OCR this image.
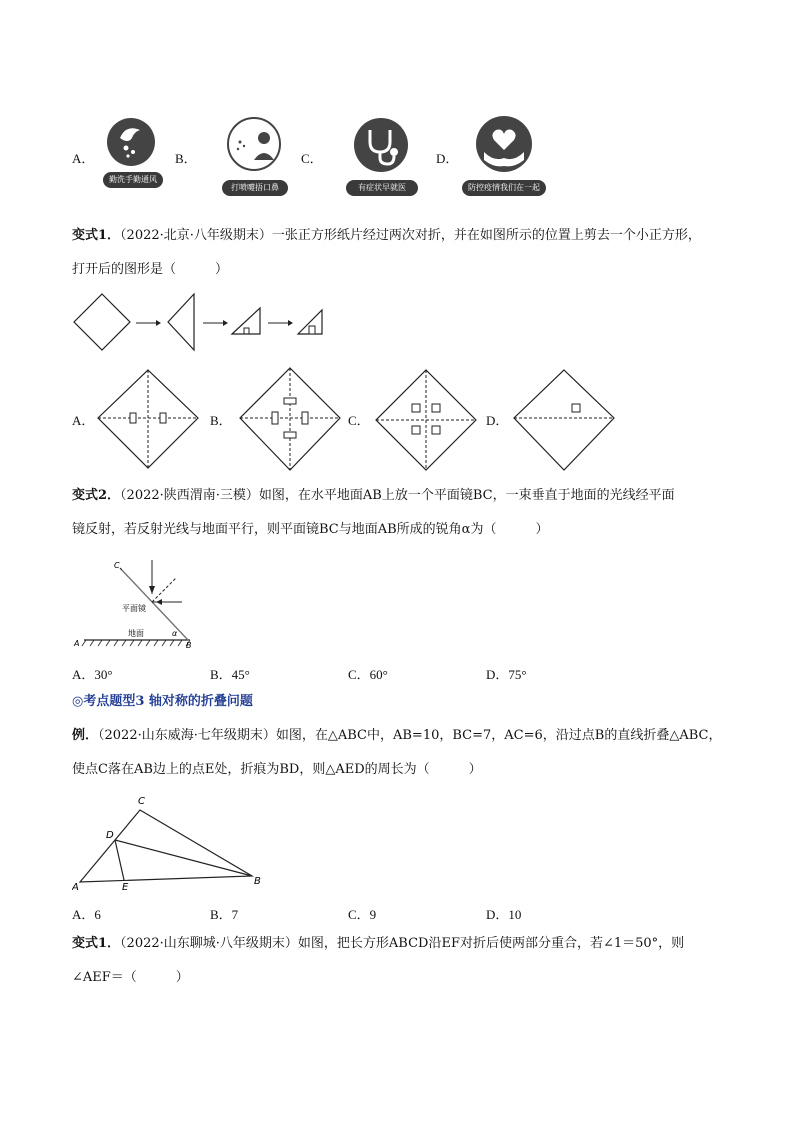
A．	B．	C．	D．
勤洗手勤通风
打喷嚏捂口鼻	有症状早就医	防控疫情我们在一起
变式1．（2022·北京·八年级期末）一张正方形纸片经过两次对折，并在如图所示的位置上剪去一个小正方形，
打开后的图形是（　　　）
A．	B．	C．	D．
变式2．（2022·陕西渭南·三模）如图，在水平地面AB上放一个平面镜BC，一束垂直于地面的光线经平面
镜反射，若反射光线与地面平行，则平面镜BC与地面AB所成的锐角α为（　　　）
C
平面镜
地面
A	B
α
A．30°	B．45°	C．60°	D．75°
◎考点题型3 轴对称的折叠问题
例．（2022·山东威海·七年级期末）如图，在△ABC中，AB=10，BC=7，AC=6，沿过点B的直线折叠△ABC，
使点C落在AB边上的点E处，折痕为BD，则△AED的周长为（　　　）
C
D
A	E
B
A．6	B．7	C．9	D．10
变式1．（2022·山东聊城·八年级期末）如图，把长方形ABCD沿EF对折后使两部分重合，若∠1＝50°，则
∠AEF＝（　　　）
